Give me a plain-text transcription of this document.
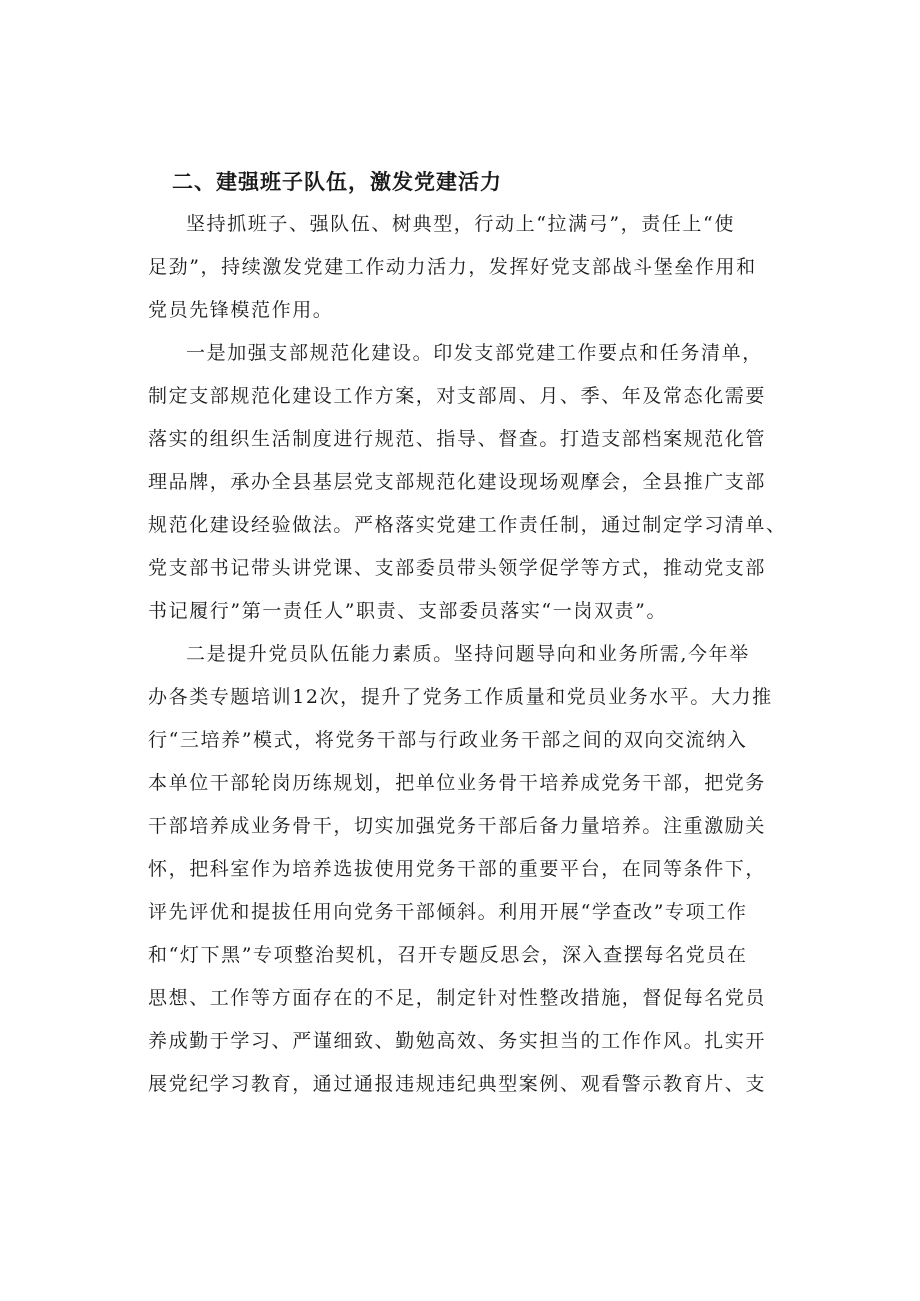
二、建强班子队伍，激发党建活力

坚持抓班子、强队伍、树典型，行动上“拉满弓”，责任上“使
足劲”，持续激发党建工作动力活力，发挥好党支部战斗堡垒作用和
党员先锋模范作用。

一是加强支部规范化建设。印发支部党建工作要点和任务清单，
制定支部规范化建设工作方案，对支部周、月、季、年及常态化需要
落实的组织生活制度进行规范、指导、督查。打造支部档案规范化管
理品牌，承办全县基层党支部规范化建设现场观摩会，全县推广支部
规范化建设经验做法。严格落实党建工作责任制，通过制定学习清单、
党支部书记带头讲党课、支部委员带头领学促学等方式，推动党支部
书记履行”第一责任人”职责、支部委员落实“一岗双责”。

二是提升党员队伍能力素质。坚持问题导向和业务所需,今年举
办各类专题培训12次，提升了党务工作质量和党员业务水平。大力推
行“三培养”模式，将党务干部与行政业务干部之间的双向交流纳入
本单位干部轮岗历练规划，把单位业务骨干培养成党务干部，把党务
干部培养成业务骨干，切实加强党务干部后备力量培养。注重激励关
怀，把科室作为培养选拔使用党务干部的重要平台，在同等条件下，
评先评优和提拔任用向党务干部倾斜。利用开展“学查改”专项工作
和“灯下黑”专项整治契机，召开专题反思会，深入查摆每名党员在
思想、工作等方面存在的不足，制定针对性整改措施，督促每名党员
养成勤于学习、严谨细致、勤勉高效、务实担当的工作作风。扎实开
展党纪学习教育，通过通报违规违纪典型案例、观看警示教育片、支
